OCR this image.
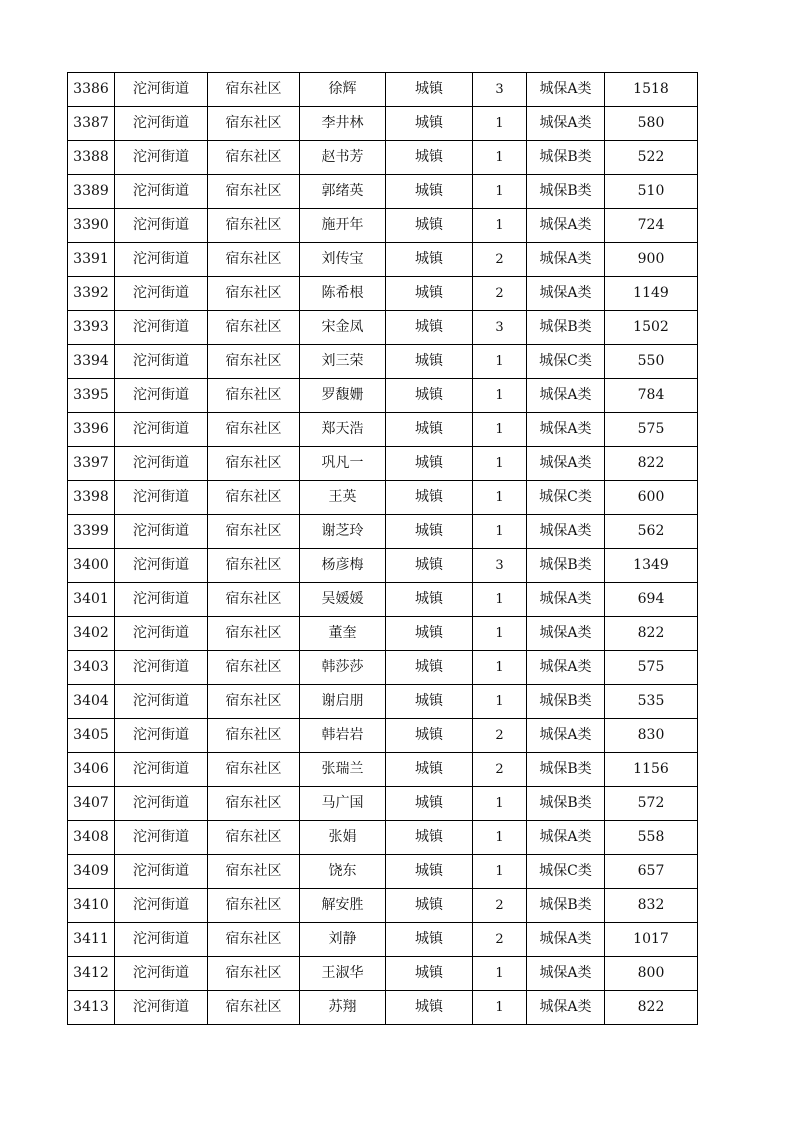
3386	沱河街道	宿东社区	徐辉	城镇	3	城保A类	1518
3387	沱河街道	宿东社区	李井林	城镇	1	城保A类	580
3388	沱河街道	宿东社区	赵书芳	城镇	1	城保B类	522
3389	沱河街道	宿东社区	郭绪英	城镇	1	城保B类	510
3390	沱河街道	宿东社区	施开年	城镇	1	城保A类	724
3391	沱河街道	宿东社区	刘传宝	城镇	2	城保A类	900
3392	沱河街道	宿东社区	陈希根	城镇	2	城保A类	1149
3393	沱河街道	宿东社区	宋金凤	城镇	3	城保B类	1502
3394	沱河街道	宿东社区	刘三荣	城镇	1	城保C类	550
3395	沱河街道	宿东社区	罗馥姗	城镇	1	城保A类	784
3396	沱河街道	宿东社区	郑天浩	城镇	1	城保A类	575
3397	沱河街道	宿东社区	巩凡一	城镇	1	城保A类	822
3398	沱河街道	宿东社区	王英	城镇	1	城保C类	600
3399	沱河街道	宿东社区	谢芝玲	城镇	1	城保A类	562
3400	沱河街道	宿东社区	杨彦梅	城镇	3	城保B类	1349
3401	沱河街道	宿东社区	吴媛媛	城镇	1	城保A类	694
3402	沱河街道	宿东社区	董奎	城镇	1	城保A类	822
3403	沱河街道	宿东社区	韩莎莎	城镇	1	城保A类	575
3404	沱河街道	宿东社区	谢启朋	城镇	1	城保B类	535
3405	沱河街道	宿东社区	韩岩岩	城镇	2	城保A类	830
3406	沱河街道	宿东社区	张瑞兰	城镇	2	城保B类	1156
3407	沱河街道	宿东社区	马广国	城镇	1	城保B类	572
3408	沱河街道	宿东社区	张娟	城镇	1	城保A类	558
3409	沱河街道	宿东社区	饶东	城镇	1	城保C类	657
3410	沱河街道	宿东社区	解安胜	城镇	2	城保B类	832
3411	沱河街道	宿东社区	刘静	城镇	2	城保A类	1017
3412	沱河街道	宿东社区	王淑华	城镇	1	城保A类	800
3413	沱河街道	宿东社区	苏翔	城镇	1	城保A类	822
